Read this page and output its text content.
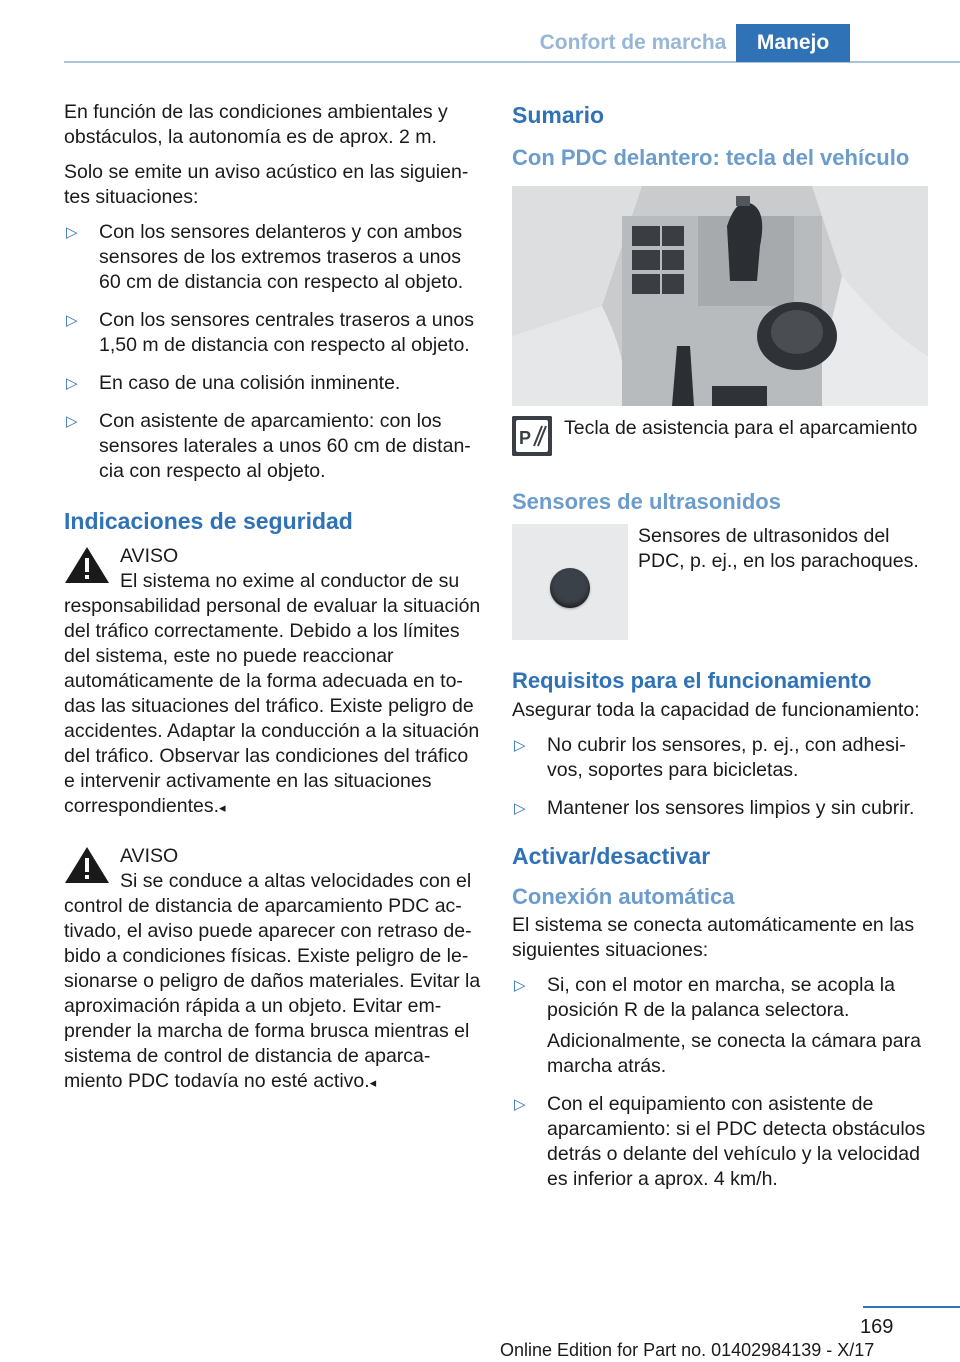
Confort de marcha	Manejo

En función de las condiciones ambientales y obstáculos, la autonomía es de aprox. 2 m.

Solo se emite un aviso acústico en las siguientes situaciones:

▷ Con los sensores delanteros y con ambos sensores de los extremos traseros a unos 60 cm de distancia con respecto al objeto.
▷ Con los sensores centrales traseros a unos 1,50 m de distancia con respecto al objeto.
▷ En caso de una colisión inminente.
▷ Con asistente de aparcamiento: con los sensores laterales a unos 60 cm de distancia con respecto al objeto.
Indicaciones de seguridad
AVISO
El sistema no exime al conductor de su responsabilidad personal de evaluar la situación del tráfico correctamente. Debido a los límites del sistema, este no puede reaccionar automáticamente de la forma adecuada en todas las situaciones del tráfico. Existe peligro de accidentes. Adaptar la conducción a la situación del tráfico. Observar las condiciones del tráfico e intervenir activamente en las situaciones correspondientes.◂
AVISO
Si se conduce a altas velocidades con el control de distancia de aparcamiento PDC activado, el aviso puede aparecer con retraso debido a condiciones físicas. Existe peligro de lesionarse o peligro de daños materiales. Evitar la aproximación rápida a un objeto. Evitar emprender la marcha de forma brusca mientras el sistema de control de distancia de aparcamiento PDC todavía no esté activo.◂
Sumario
Con PDC delantero: tecla del vehículo
P Tecla de asistencia para el aparcamiento
Sensores de ultrasonidos
Sensores de ultrasonidos del PDC, p. ej., en los parachoques.
Requisitos para el funcionamiento

Asegurar toda la capacidad de funcionamiento:

▷ No cubrir los sensores, p. ej., con adhesivos, soportes para bicicletas.
▷ Mantener los sensores limpios y sin cubrir.
Activar/desactivar
Conexión automática

El sistema se conecta automáticamente en las siguientes situaciones:

▷ Si, con el motor en marcha, se acopla la posición R de la palanca selectora.

Adicionalmente, se conecta la cámara para marcha atrás.

▷ Con el equipamiento con asistente de aparcamiento: si el PDC detecta obstáculos detrás o delante del vehículo y la velocidad es inferior a aprox. 4 km/h.
169
Online Edition for Part no. 01402984139 - X/17
